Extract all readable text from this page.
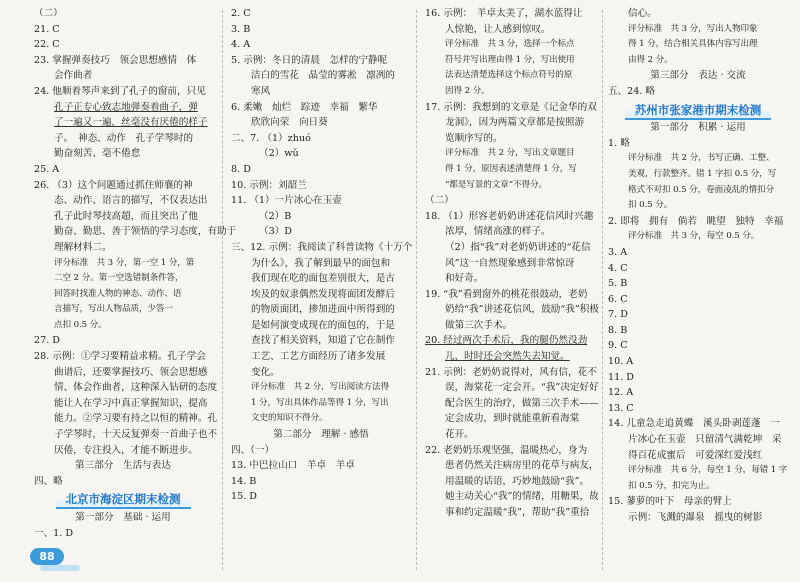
（二）
21. C
22. C
23. 掌握弹奏技巧　领会思想感情　体
会作曲者
24. 他顺着琴声来到了孔子的窗前，只见
孔子正专心致志地弹奏着曲子，弹
了一遍又一遍，丝毫没有厌倦的样子
子。　神态、动作　孔子学琴时的
勤奋刻苦、毫不倦怠
25. A
26. （3）这个问题通过抓住师襄的神
态、动作、语言的描写，不仅表达出
孔子此时琴技高超，而且突出了他
勤奋、勤思、善于领悟的学习态度，有助于
理解材料二。
评分标准　共 3 分，第一空 1 分，第
二空 2 分。第一空选错制条件答，
回答时找准人物的神态、动作、语
言描写，写出人物品质，少答一
点扣 0.5 分。
27. D
28. 示例：①学习要精益求精。孔子学会
曲谱后，还要掌握技巧、领会思想感
情、体会作曲者，这种深入钻研的态度
能让人在学习中真正掌握知识，提高
能力。②学习要有持之以恒的精神。孔
子学琴时，十天反复弹奏一首曲子也不
厌倦，专注投入，才能不断进步。
第三部分　生活与表达
四、略
北京市海淀区期末检测
第一部分　基础 · 运用
一、1. D
2. C
3. B
4. A
5. 示例：冬日的清晨　怎样的宁静呢
洁白的雪花　晶莹的雾凇　凛冽的
寒风
6. 柔嫩　灿烂　踪迹　幸福　繁华
欣欣向荣　向日葵
二、7. （1）zhuó
（2）wǔ
8. D
10. 示例：刘韶兰
11. （1）一片冰心在玉壶
（2）B
（3）D
三、12. 示例：我阅读了科普读物《十万个
为什么》，我了解到最早的面包和
我们现在吃的面包差别很大，是古
埃及的奴隶偶然发现将面团发酵后
的物质面团，掺加进面中所得到的
是如何演变成现在的面包的，于是
查找了相关资料，知道了它在制作
工艺、工艺方面经历了诸多发展
变化。
评分标准　共 2 分，写出阅读方法得
1 分，写出具体作品等得 1 分，写出
文史的知识不得分。
第二部分　理解 · 感悟
四、（一）
13. 中巴拉山口　羊卓　羊卓
14. B
15. D
16. 示例：　羊卓太美了，湖水蓝得让
人惊艳，让人感到惊叹。
评分标准　共 3 分，选择一个标点
符号并写出理由得 1 分，写出使用
法表达清楚选择这个标点符号的原
因得 2 分。
17. 示例：我想到的文章是《记金华的双
龙洞》，因为两篇文章都是按照游
览顺序写的。
评分标准　共 2 分，写出文章题目
得 1 分，原因表述清楚得 1 分，写
“都是写景的文章”不得分。
（二）
18. （1）形容老奶奶讲述花信风时兴趣
浓厚，情绪高涨的样子。
（2）指“我”对老奶奶讲述的“花信
风”这一自然现象感到非常惊讶
和好奇。
19. “我”看到窗外的桃花很鼓动，老奶
奶给“我”讲述花信风，鼓励“我”积极
做第三次手术。
20. 经过两次手术后，我的腿仍然没劲
儿，时时还会突然失去知觉。
21. 示例：老奶奶说得对，风有信，花不
误，海棠花一定会开。“我”决定好好
配合医生的治疗，做第三次手术——
定会成功，到时就能重新看海棠
花开。
22. 老奶奶乐观坚强，温暖热心，身为
患者仍然关注病房里的花草与病友，
用温暖的话语，巧妙地鼓励“我”。
她主动关心“我”的情绪，用糖果，故
事和约定温暖“我”，帮助“我”重拾
信心。
评分标准　共 3 分，写出人物印象
得 1 分，结合相关具体内容写出理
由得 2 分。
第三部分　表达 · 交流
五、24. 略
苏州市张家港市期末检测
第一部分　积累 · 运用
1. 略
评分标准　共 2 分，书写正确、工整、
美观，行款整齐。错 1 字扣 0.5 分，写
格式不对扣 0.5 分，卷面凌乱的情扣分
扣 0.5 分。
2. 即将　拥有　倘若　眺望　独特　幸福
评分标准　共 3 分，每空 0.5 分。
3. A
4. C
5. B
6. C
7. D
8. B
9. C
10. A
11. D
12. A
13. C
14. 儿童急走追黄蝶　溪头卧剥莲蓬　一
片冰心在玉壶　只留清气满乾坤　采
得百花成蜜后　可爱深红爱浅红
评分标准　共 6 分，每空 1 分，每错 1 字
扣 0.5 分，扣完为止。
15. 蓼萝的叶下　母亲的臂上
示例：飞溅的瀑泉　摇曳的树影
88
